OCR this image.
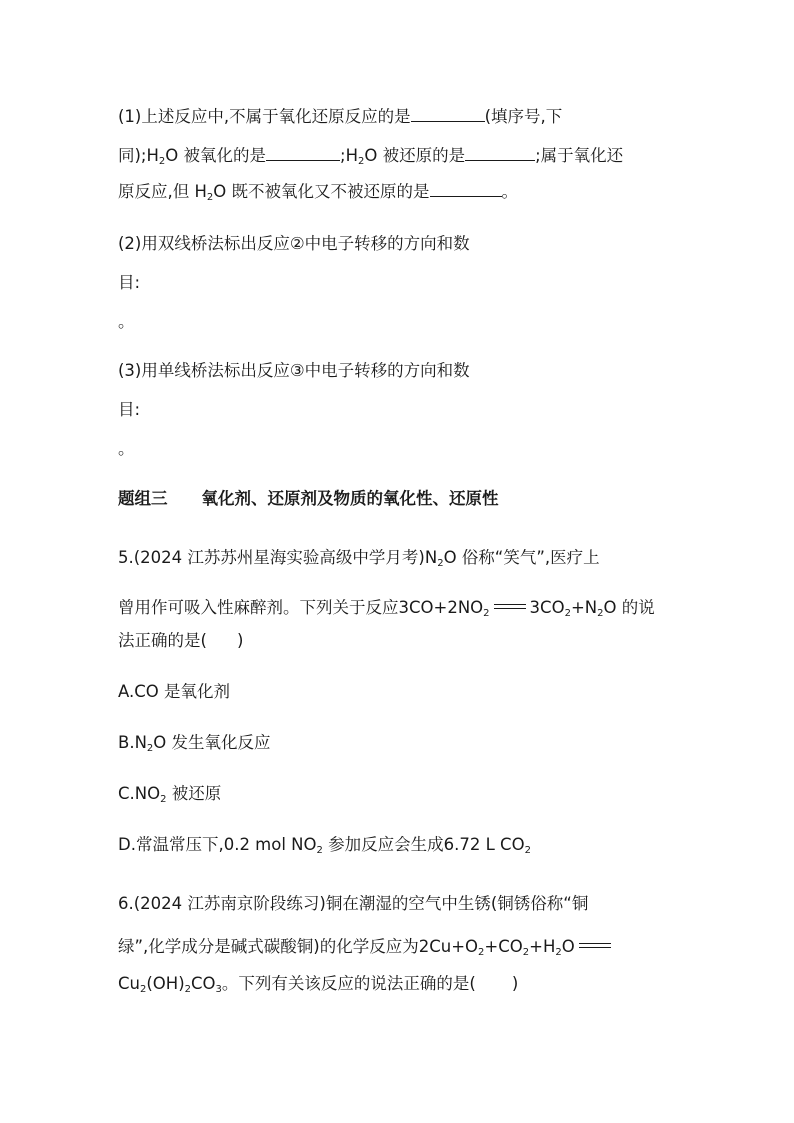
(1)上述反应中,不属于氧化还原反应的是	(填序号,下
同)$;H_2O$ 被氧化的是	$;H_2O$ 被还原的是	;属于氧化还
原反应,但 $H_2O$ 既不被氧化又不被还原的是	。
(2)用双线桥法标出反应②中电子转移的方向和数
目:
。
(3)用单线桥法标出反应③中电子转移的方向和数
目:
。
题组三 氧化剂、还原剂及物质的氧化性、还原性
5.(2024 江苏苏州星海实验高级中学月考)$N_2O$ 俗称“笑气”,医疗上
曾用作可吸入性麻醉剂。下列关于反应$3CO+2NO_2$ $3CO_2+N_2O$ 的说
法正确的是( )
A.CO 是氧化剂
$B.N_2O$ 发生氧化反应
$C.NO_2$ 被还原
D.常温常压下,0.2 mol $NO_2$ 参加反应会生成6.72 L $CO_2$
6.(2024 江苏南京阶段练习)铜在潮湿的空气中生锈(铜锈俗称“铜
绿”,化学成分是碱式碳酸铜)的化学反应为$2Cu+O_2+CO_2+H_2O$
$Cu_2(OH)_2CO_3$。下列有关该反应的说法正确的是( )
